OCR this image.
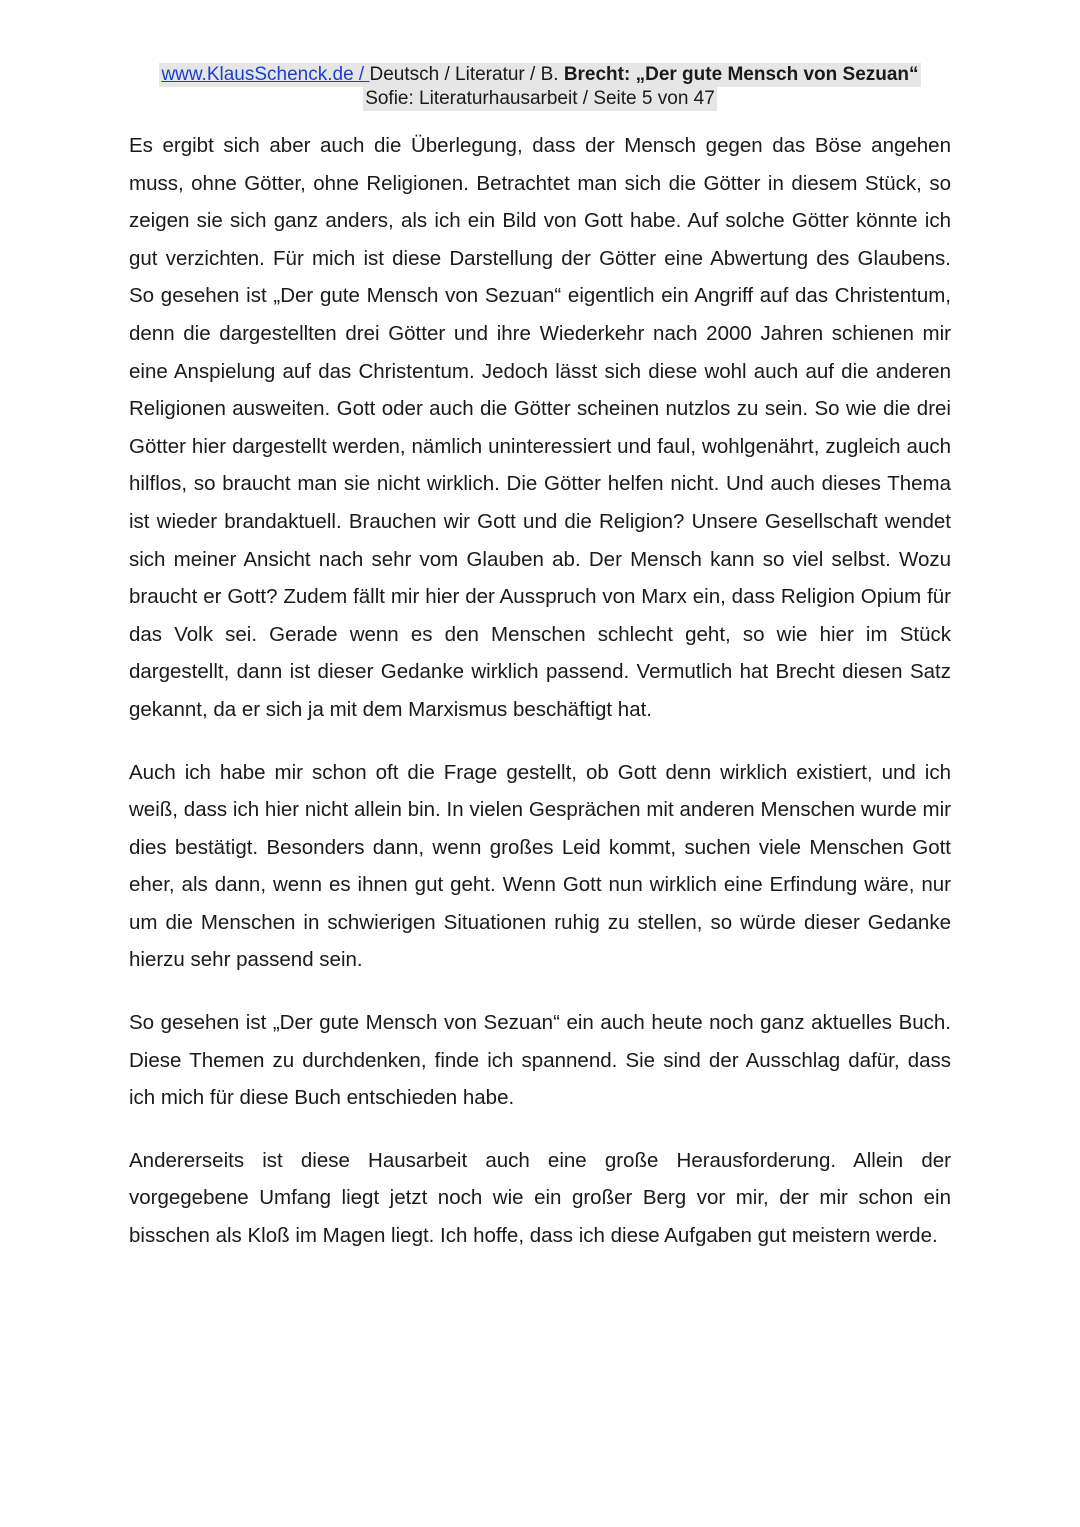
www.KlausSchenck.de / Deutsch / Literatur / B. Brecht: „Der gute Mensch von Sezuan“
Sofie: Literaturhausarbeit / Seite 5 von 47

Es ergibt sich aber auch die Überlegung, dass der Mensch gegen das Böse angehen muss, ohne Götter, ohne Religionen. Betrachtet man sich die Götter in diesem Stück, so zeigen sie sich ganz anders, als ich ein Bild von Gott habe. Auf solche Götter könnte ich gut verzichten. Für mich ist diese Darstellung der Götter eine Abwertung des Glaubens. So gesehen ist „Der gute Mensch von Sezuan“ eigentlich ein Angriff auf das Christentum, denn die dargestellten drei Götter und ihre Wiederkehr nach 2000 Jahren schienen mir eine Anspielung auf das Christentum. Jedoch lässt sich diese wohl auch auf die anderen Religionen ausweiten. Gott oder auch die Götter scheinen nutzlos zu sein. So wie die drei Götter hier dargestellt werden, nämlich uninteressiert und faul, wohlgenährt, zugleich auch hilflos, so braucht man sie nicht wirklich. Die Götter helfen nicht. Und auch dieses Thema ist wieder brandaktuell. Brauchen wir Gott und die Religion? Unsere Gesellschaft wendet sich meiner Ansicht nach sehr vom Glauben ab. Der Mensch kann so viel selbst. Wozu braucht er Gott? Zudem fällt mir hier der Ausspruch von Marx ein, dass Religion Opium für das Volk sei. Gerade wenn es den Menschen schlecht geht, so wie hier im Stück dargestellt, dann ist dieser Gedanke wirklich passend. Vermutlich hat Brecht diesen Satz gekannt, da er sich ja mit dem Marxismus beschäftigt hat.

Auch ich habe mir schon oft die Frage gestellt, ob Gott denn wirklich existiert, und ich weiß, dass ich hier nicht allein bin. In vielen Gesprächen mit anderen Menschen wurde mir dies bestätigt. Besonders dann, wenn großes Leid kommt, suchen viele Menschen Gott eher, als dann, wenn es ihnen gut geht. Wenn Gott nun wirklich eine Erfindung wäre, nur um die Menschen in schwierigen Situationen ruhig zu stellen, so würde dieser Gedanke hierzu sehr passend sein.

So gesehen ist „Der gute Mensch von Sezuan“ ein auch heute noch ganz aktuelles Buch. Diese Themen zu durchdenken, finde ich spannend. Sie sind der Ausschlag dafür, dass ich mich für diese Buch entschieden habe.

Andererseits ist diese Hausarbeit auch eine große Herausforderung. Allein der vorgegebene Umfang liegt jetzt noch wie ein großer Berg vor mir, der mir schon ein bisschen als Kloß im Magen liegt. Ich hoffe, dass ich diese Aufgaben gut meistern werde.
